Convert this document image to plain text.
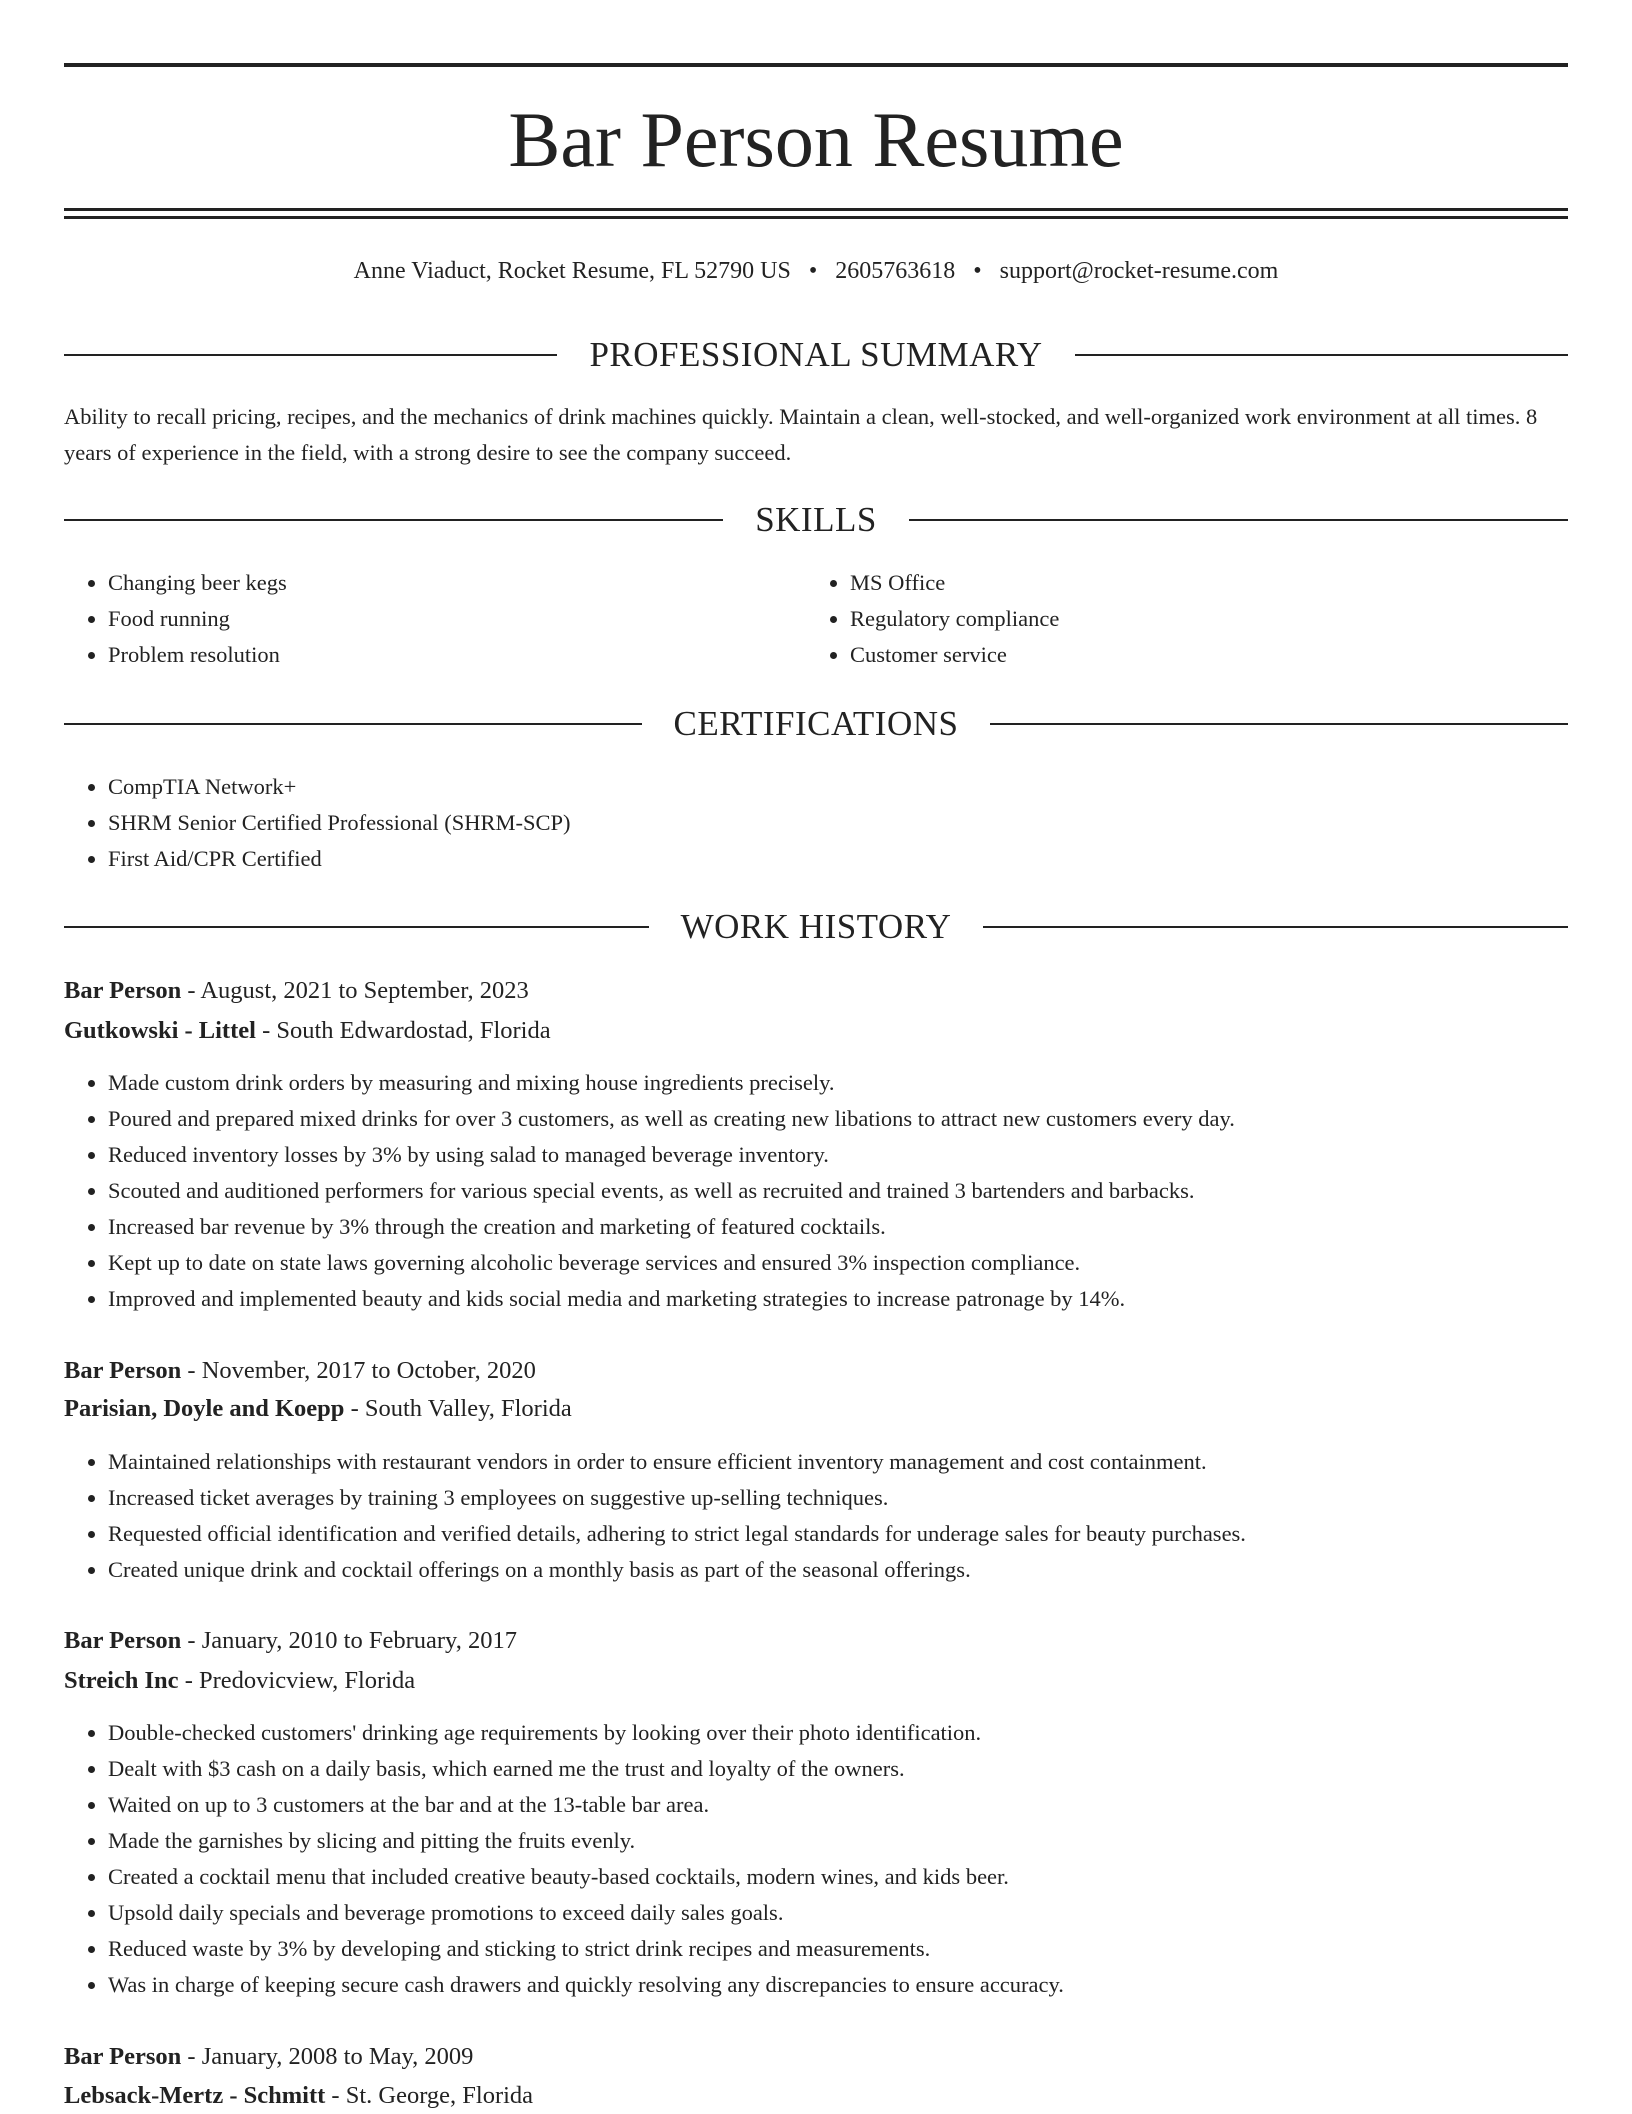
Bar Person Resume
Anne Viaduct, Rocket Resume, FL 52790 US • 2605763618 • support@rocket-resume.com
PROFESSIONAL SUMMARY

Ability to recall pricing, recipes, and the mechanics of drink machines quickly. Maintain a clean, well-stocked, and well-organized work environment at all times. 8 years of experience in the field, with a strong desire to see the company succeed.

SKILLS
• Changing beer kegs
• Food running
• Problem resolution
• MS Office
• Regulatory compliance
• Customer service
CERTIFICATIONS
• CompTIA Network+
• SHRM Senior Certified Professional (SHRM-SCP)
• First Aid/CPR Certified
WORK HISTORY
Bar Person - August, 2021 to September, 2023
Gutkowski - Littel - South Edwardostad, Florida
• Made custom drink orders by measuring and mixing house ingredients precisely.
• Poured and prepared mixed drinks for over 3 customers, as well as creating new libations to attract new customers every day.
• Reduced inventory losses by 3% by using salad to managed beverage inventory.
• Scouted and auditioned performers for various special events, as well as recruited and trained 3 bartenders and barbacks.
• Increased bar revenue by 3% through the creation and marketing of featured cocktails.
• Kept up to date on state laws governing alcoholic beverage services and ensured 3% inspection compliance.
• Improved and implemented beauty and kids social media and marketing strategies to increase patronage by 14%.
Bar Person - November, 2017 to October, 2020
Parisian, Doyle and Koepp - South Valley, Florida
• Maintained relationships with restaurant vendors in order to ensure efficient inventory management and cost containment.
• Increased ticket averages by training 3 employees on suggestive up-selling techniques.
• Requested official identification and verified details, adhering to strict legal standards for underage sales for beauty purchases.
• Created unique drink and cocktail offerings on a monthly basis as part of the seasonal offerings.
Bar Person - January, 2010 to February, 2017
Streich Inc - Predovicview, Florida
• Double-checked customers' drinking age requirements by looking over their photo identification.
• Dealt with $3 cash on a daily basis, which earned me the trust and loyalty of the owners.
• Waited on up to 3 customers at the bar and at the 13-table bar area.
• Made the garnishes by slicing and pitting the fruits evenly.
• Created a cocktail menu that included creative beauty-based cocktails, modern wines, and kids beer.
• Upsold daily specials and beverage promotions to exceed daily sales goals.
• Reduced waste by 3% by developing and sticking to strict drink recipes and measurements.
• Was in charge of keeping secure cash drawers and quickly resolving any discrepancies to ensure accuracy.
Bar Person - January, 2008 to May, 2009
Lebsack-Mertz - Schmitt - St. George, Florida
